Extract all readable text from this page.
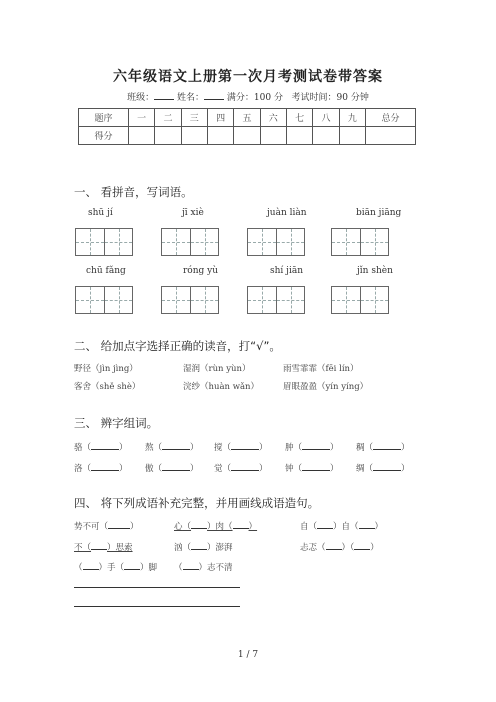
六年级语文上册第一次月考测试卷带答案
班级：	姓名：	满分：100 分 考试时间：90 分钟
题序	一	二	三	四	五	六	七	八	九	总分
得分										
一、 看拼音，写词语。
shū jí	jī xiè	juàn liàn	biān jiāng
chū fǎng	róng yù	shí jiān	jǐn shèn
二、 给加点字选择正确的读音，打“√”。
野径（jìn jìng）	湿润（rùn yùn）	雨雪霏霏（fēi lín）
客舍（shě shè）	浣纱（huàn wǎn）	眉眼盈盈（yín yíng）
三、 辨字组词。
骆（	） 熬（	） 搅（	） 肿（	） 稠（	）
洛（	） 傲（	） 觉（	） 钟（	） 绸（	）
四、 将下列成语补充完整，并用画线成语造句。
势不可（	）	心（ ）肉（ ）	自（ ）自（ ）
不（ ）思索	汹（ ）澎湃	忐忑（ ）（ ）
（ ）手（ ）脚 （ ）志不清
1 / 7
